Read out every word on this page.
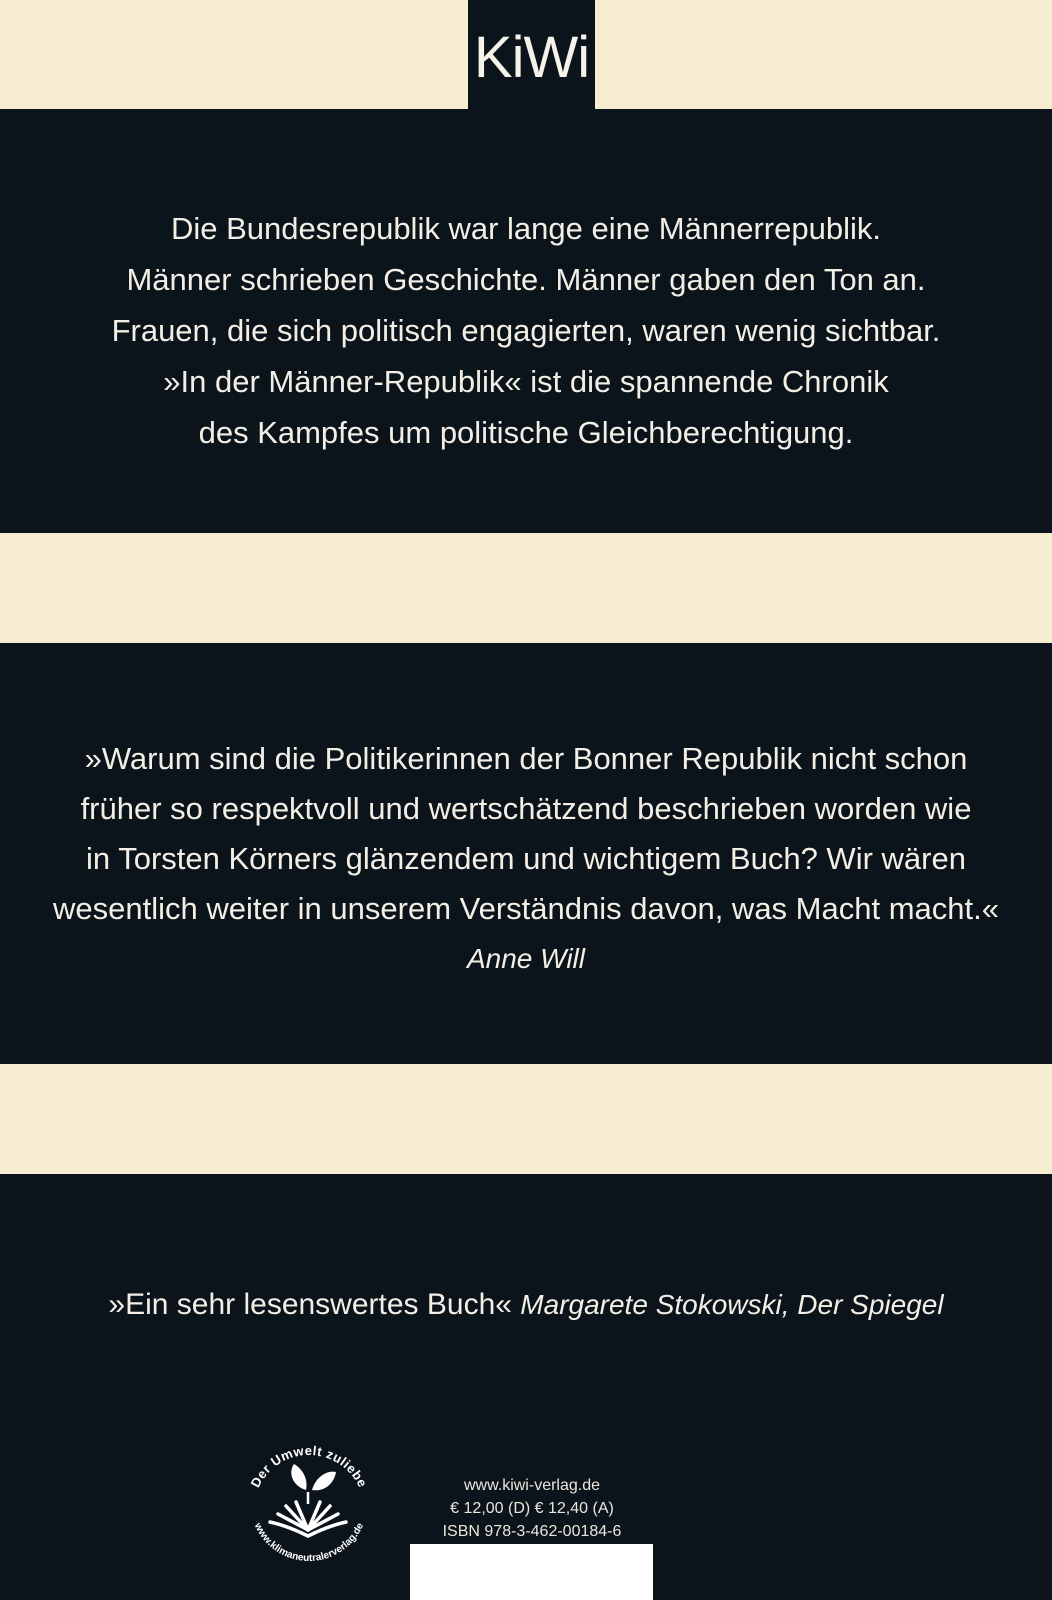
KiWi
Die Bundesrepublik war lange eine Männerrepublik.
Männer schrieben Geschichte. Männer gaben den Ton an.
Frauen, die sich politisch engagierten, waren wenig sichtbar.
»In der Männer-Republik« ist die spannende Chronik
des Kampfes um politische Gleichberechtigung.
»Warum sind die Politikerinnen der Bonner Republik nicht schon
früher so respektvoll und wertschätzend beschrieben worden wie
in Torsten Körners glänzendem und wichtigem Buch? Wir wären
wesentlich weiter in unserem Verständnis davon, was Macht macht.«
Anne Will
»Ein sehr lesenswertes Buch« Margarete Stokowski, Der Spiegel
Der Umwelt zuliebe
www.klimaneutralerverlag.de
www.kiwi-verlag.de
€ 12,00 (D) € 12,40 (A)
ISBN 978-3-462-00184-6
